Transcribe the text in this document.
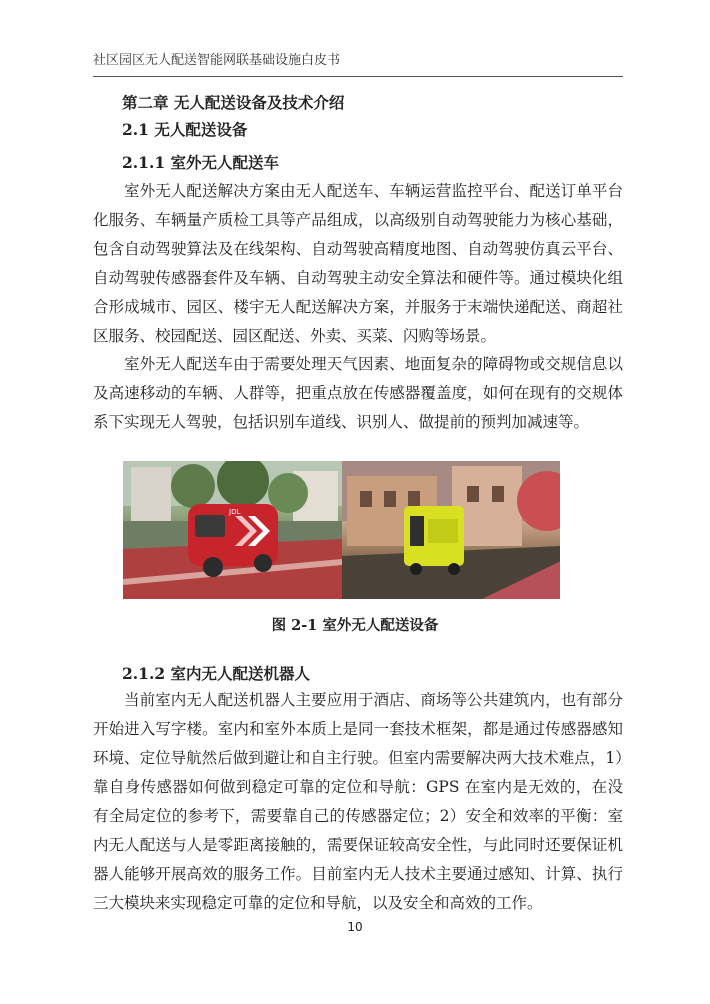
社区园区无人配送智能网联基础设施白皮书
第二章 无人配送设备及技术介绍
2.1 无人配送设备
2.1.1 室外无人配送车

室外无人配送解决方案由无人配送车、车辆运营监控平台、配送订单平台化服务、车辆量产质检工具等产品组成，以高级别自动驾驶能力为核心基础，包含自动驾驶算法及在线架构、自动驾驶高精度地图、自动驾驶仿真云平台、自动驾驶传感器套件及车辆、自动驾驶主动安全算法和硬件等。通过模块化组合形成城市、园区、楼宇无人配送解决方案，并服务于末端快递配送、商超社区服务、校园配送、园区配送、外卖、买菜、闪购等场景。

室外无人配送车由于需要处理天气因素、地面复杂的障碍物或交规信息以及高速移动的车辆、人群等，把重点放在传感器覆盖度，如何在现有的交规体系下实现无人驾驶，包括识别车道线、识别人、做提前的预判加减速等。

JDL
图 2-1 室外无人配送设备
2.1.2 室内无人配送机器人

当前室内无人配送机器人主要应用于酒店、商场等公共建筑内，也有部分开始进入写字楼。室内和室外本质上是同一套技术框架，都是通过传感器感知环境、定位导航然后做到避让和自主行驶。但室内需要解决两大技术难点，1）靠自身传感器如何做到稳定可靠的定位和导航：GPS 在室内是无效的，在没有全局定位的参考下，需要靠自己的传感器定位；2）安全和效率的平衡：室内无人配送与人是零距离接触的，需要保证较高安全性，与此同时还要保证机器人能够开展高效的服务工作。目前室内无人技术主要通过感知、计算、执行三大模块来实现稳定可靠的定位和导航，以及安全和高效的工作。

10
